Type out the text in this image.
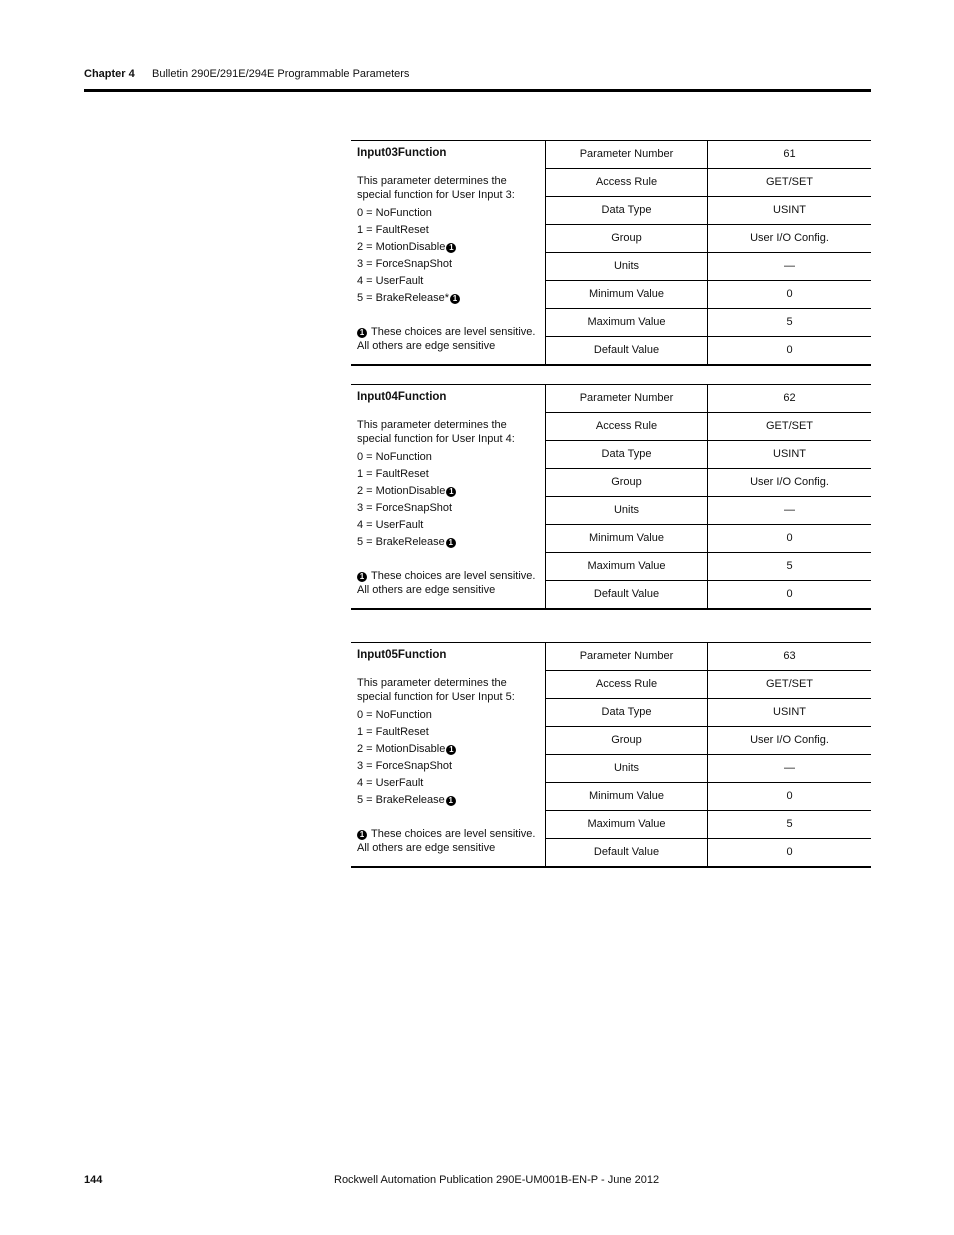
Chapter 4 Bulletin 290E/291E/294E Programmable Parameters
Input03Function
This parameter determines the special function for User Input 3:
0 = NoFunction
1 = FaultReset
2 = MotionDisable 1
3 = ForceSnapShot
4 = UserFault
5 = BrakeRelease* 1
1 These choices are level sensitive. All others are edge sensitive
Parameter Number	61
Access Rule	GET/SET
Data Type	USINT
Group	User I/O Config.
Units	—
Minimum Value	0
Maximum Value	5
Default Value	0
Input04Function
This parameter determines the special function for User Input 4:
0 = NoFunction
1 = FaultReset
2 = MotionDisable 1
3 = ForceSnapShot
4 = UserFault
5 = BrakeRelease 1
1 These choices are level sensitive. All others are edge sensitive
Parameter Number	62
Access Rule	GET/SET
Data Type	USINT
Group	User I/O Config.
Units	—
Minimum Value	0
Maximum Value	5
Default Value	0
Input05Function
This parameter determines the special function for User Input 5:
0 = NoFunction
1 = FaultReset
2 = MotionDisable 1
3 = ForceSnapShot
4 = UserFault
5 = BrakeRelease 1
1 These choices are level sensitive. All others are edge sensitive
Parameter Number	63
Access Rule	GET/SET
Data Type	USINT
Group	User I/O Config.
Units	—
Minimum Value	0
Maximum Value	5
Default Value	0
144	Rockwell Automation Publication 290E-UM001B-EN-P - June 2012
